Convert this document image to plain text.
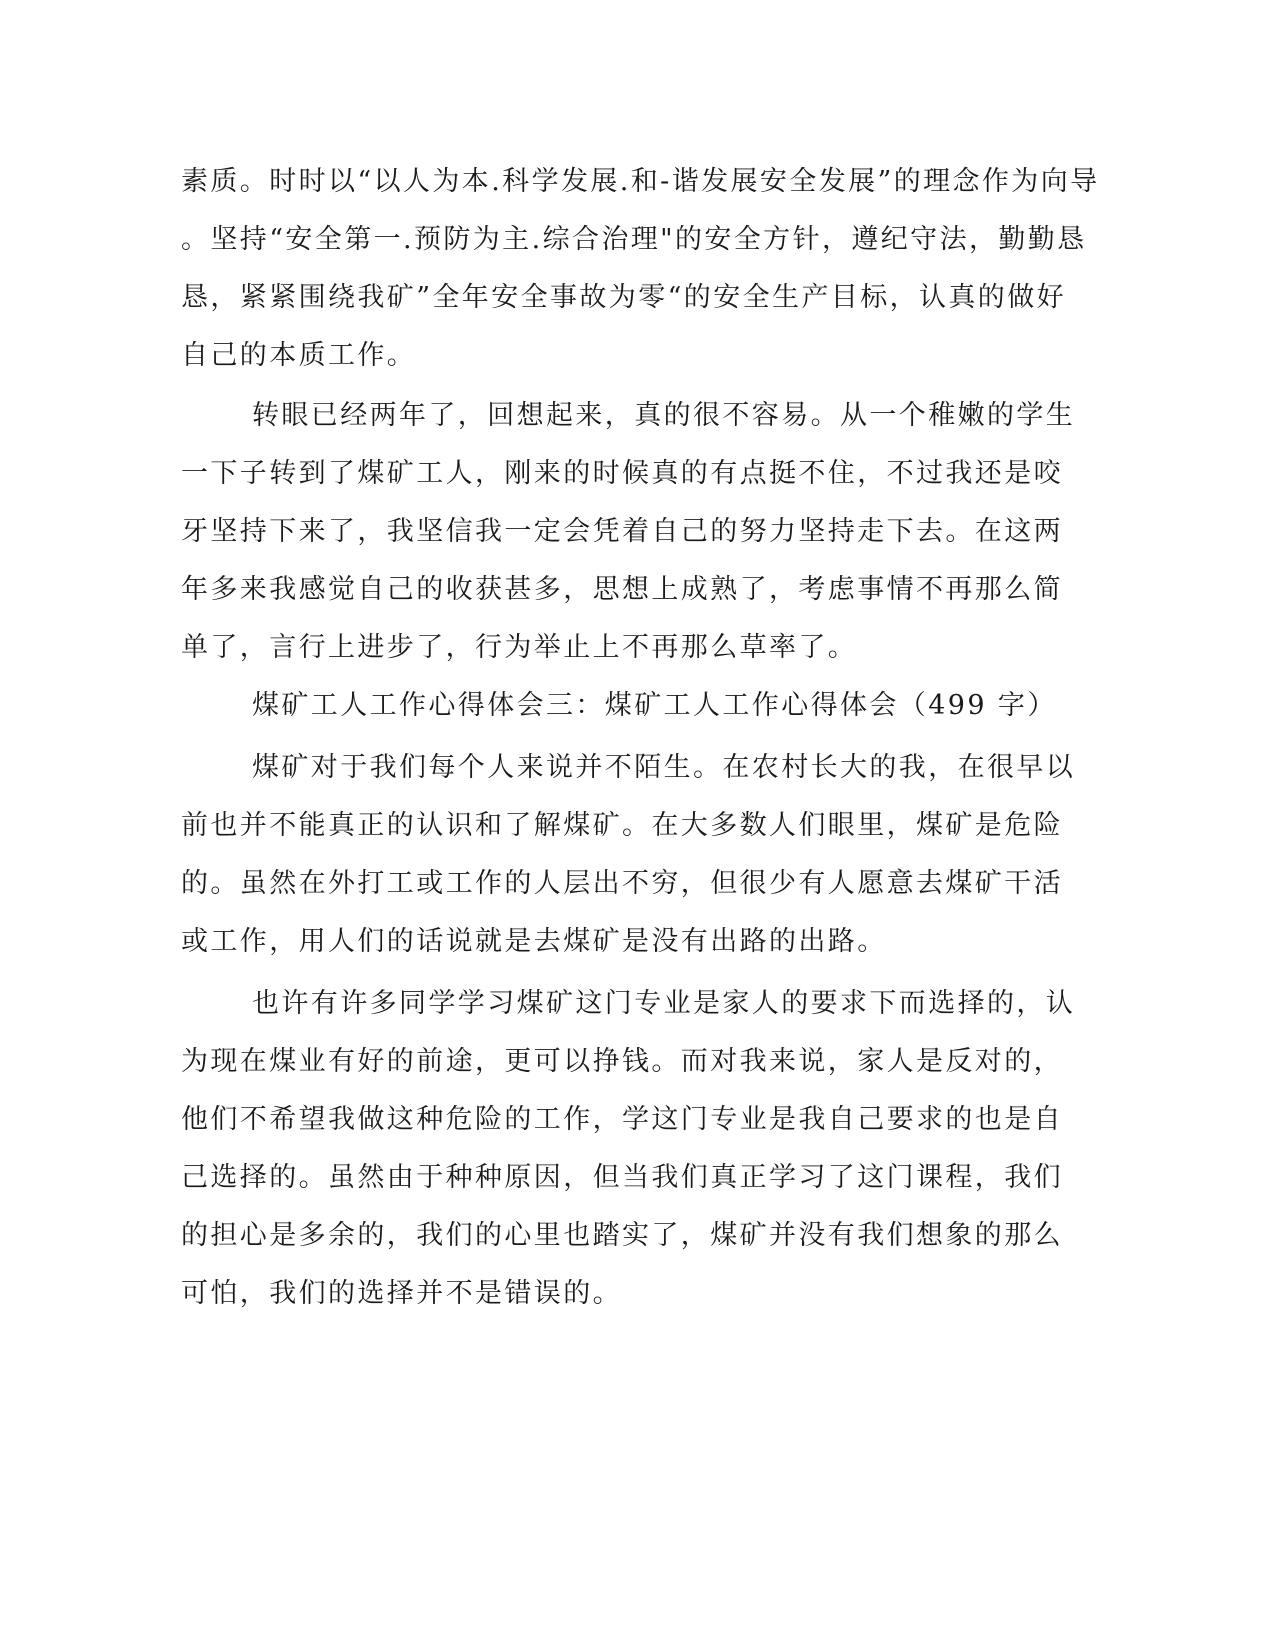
素质。时时以“以人为本.科学发展.和-谐发展安全发展”的理念作为向导
。坚持“安全第一.预防为主.综合治理"的安全方针，遵纪守法，勤勤恳
恳，紧紧围绕我矿”全年安全事故为零“的安全生产目标，认真的做好
自己的本质工作。
转眼已经两年了，回想起来，真的很不容易。从一个稚嫩的学生
一下子转到了煤矿工人，刚来的时候真的有点挺不住，不过我还是咬
牙坚持下来了，我坚信我一定会凭着自己的努力坚持走下去。在这两
年多来我感觉自己的收获甚多，思想上成熟了，考虑事情不再那么简
单了，言行上进步了，行为举止上不再那么草率了。
煤矿工人工作心得体会三：煤矿工人工作心得体会（499 字）
煤矿对于我们每个人来说并不陌生。在农村长大的我，在很早以
前也并不能真正的认识和了解煤矿。在大多数人们眼里，煤矿是危险
的。虽然在外打工或工作的人层出不穷，但很少有人愿意去煤矿干活
或工作，用人们的话说就是去煤矿是没有出路的出路。
也许有许多同学学习煤矿这门专业是家人的要求下而选择的，认
为现在煤业有好的前途，更可以挣钱。而对我来说，家人是反对的，
他们不希望我做这种危险的工作，学这门专业是我自己要求的也是自
己选择的。虽然由于种种原因，但当我们真正学习了这门课程，我们
的担心是多余的，我们的心里也踏实了，煤矿并没有我们想象的那么
可怕，我们的选择并不是错误的。
